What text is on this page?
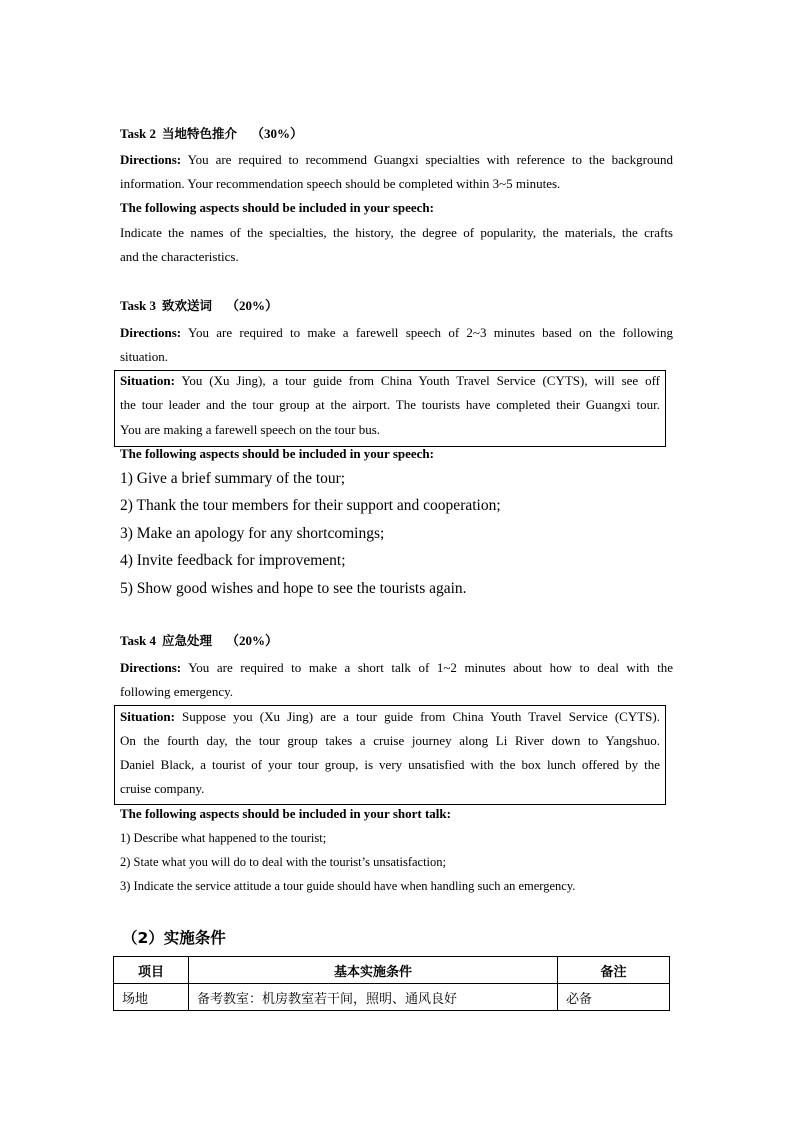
Task 2 当地特色推介 （30%）
Directions: You are required to recommend Guangxi specialties with reference to the background
information. Your recommendation speech should be completed within 3~5 minutes.
The following aspects should be included in your speech:
Indicate the names of the specialties, the history, the degree of popularity, the materials, the crafts
and the characteristics.
Task 3 致欢送词 （20%）
Directions: You are required to make a farewell speech of 2~3 minutes based on the following
situation.
Situation: You (Xu Jing), a tour guide from China Youth Travel Service (CYTS), will see off
the tour leader and the tour group at the airport. The tourists have completed their Guangxi tour.
You are making a farewell speech on the tour bus.
The following aspects should be included in your speech:
1) Give a brief summary of the tour;
2) Thank the tour members for their support and cooperation;
3) Make an apology for any shortcomings;
4) Invite feedback for improvement;
5) Show good wishes and hope to see the tourists again.
Task 4 应急处理 （20%）
Directions: You are required to make a short talk of 1~2 minutes about how to deal with the
following emergency.
Situation: Suppose you (Xu Jing) are a tour guide from China Youth Travel Service (CYTS).
On the fourth day, the tour group takes a cruise journey along Li River down to Yangshuo.
Daniel Black, a tourist of your tour group, is very unsatisfied with the box lunch offered by the
cruise company.
The following aspects should be included in your short talk:
1) Describe what happened to the tourist;
2) State what you will do to deal with the tourist’s unsatisfaction;
3) Indicate the service attitude a tour guide should have when handling such an emergency.
（2）实施条件
项目	基本实施条件	备注
场地	备考教室：机房教室若干间，照明、通风良好	必备
